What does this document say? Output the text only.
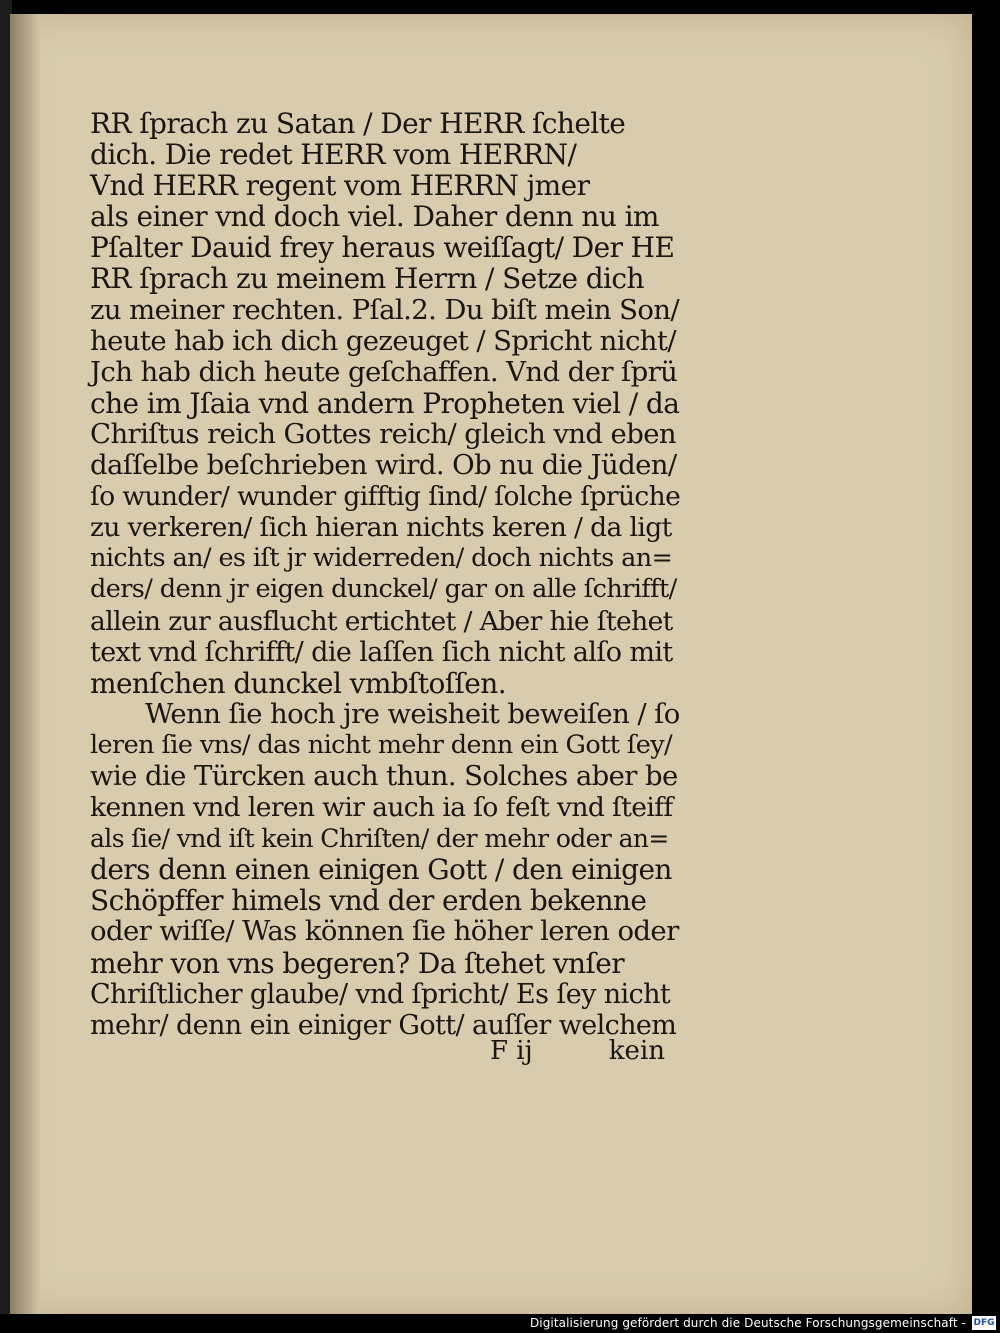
RR ſprach zu Satan / Der HERR ſchelte
dich. Die redet HERR vom HERRN/
Vnd HERR regent vom HERRN jmer
als einer vnd doch viel. Daher denn nu im
Pſalter Dauid frey heraus weiſſagt/ Der HE
RR ſprach zu meinem Herrn / Setze dich
zu meiner rechten. Pſal.2. Du biſt mein Son/
heute hab ich dich gezeuget / Spricht nicht/
Jch hab dich heute geſchaffen. Vnd der ſprü
che im Jſaia vnd andern Propheten viel / da
Chriſtus reich Gottes reich/ gleich vnd eben
daſſelbe beſchrieben wird. Ob nu die Jüden/
ſo wunder/ wunder gifftig ſind/ ſolche ſprüche
zu verkeren/ ſich hieran nichts keren / da ligt
nichts an/ es iſt jr widerreden/ doch nichts an=
ders/ denn jr eigen dunckel/ gar on alle ſchrifft/
allein zur ausflucht ertichtet / Aber hie ſtehet
text vnd ſchrifft/ die laſſen ſich nicht alſo mit
menſchen dunckel vmbſtoſſen.
Wenn ſie hoch jre weisheit beweiſen / ſo
leren ſie vns/ das nicht mehr denn ein Gott ſey/
wie die Türcken auch thun. Solches aber be
kennen vnd leren wir auch ia ſo feſt vnd ſteiff
als ſie/ vnd iſt kein Chriſten/ der mehr oder an=
ders denn einen einigen Gott / den einigen
Schöpffer himels vnd der erden bekenne
oder wiſſe/ Was können ſie höher leren oder
mehr von vns begeren? Da ſtehet vnſer
Chriſtlicher glaube/ vnd ſpricht/ Es ſey nicht
mehr/ denn ein einiger Gott/ auſſer welchem
F ij	kein
Digitalisierung gefördert durch die Deutsche Forschungsgemeinschaft - DFG
